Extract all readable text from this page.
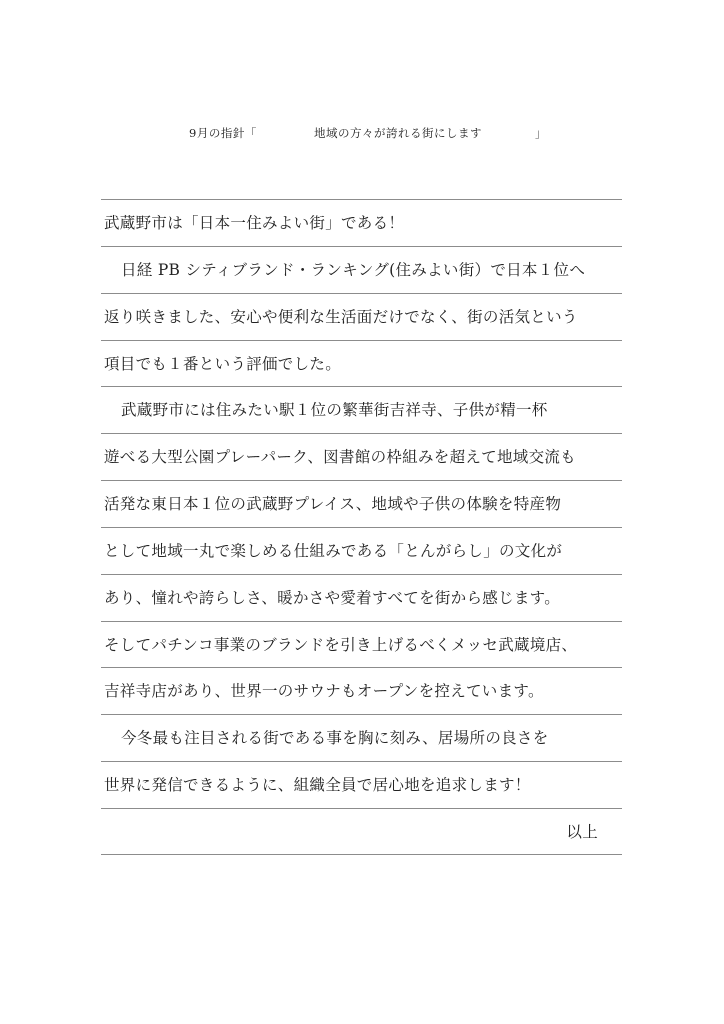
9月の指針「	地域の方々が誇れる街にします	」
武蔵野市は「日本一住みよい街」である！
日経 PB シティブランド・ランキング(住みよい街）で日本１位へ
返り咲きました、安心や便利な生活面だけでなく、街の活気という
項目でも１番という評価でした。
武蔵野市には住みたい駅１位の繁華街吉祥寺、子供が精一杯
遊べる大型公園プレーパーク、図書館の枠組みを超えて地域交流も
活発な東日本１位の武蔵野プレイス、地域や子供の体験を特産物
として地域一丸で楽しめる仕組みである「とんがらし」の文化が
あり、憧れや誇らしさ、暖かさや愛着すべてを街から感じます。
そしてパチンコ事業のブランドを引き上げるべくメッセ武蔵境店、
吉祥寺店があり、世界一のサウナもオープンを控えています。
今冬最も注目される街である事を胸に刻み、居場所の良さを
世界に発信できるように、組織全員で居心地を追求します！
以上
